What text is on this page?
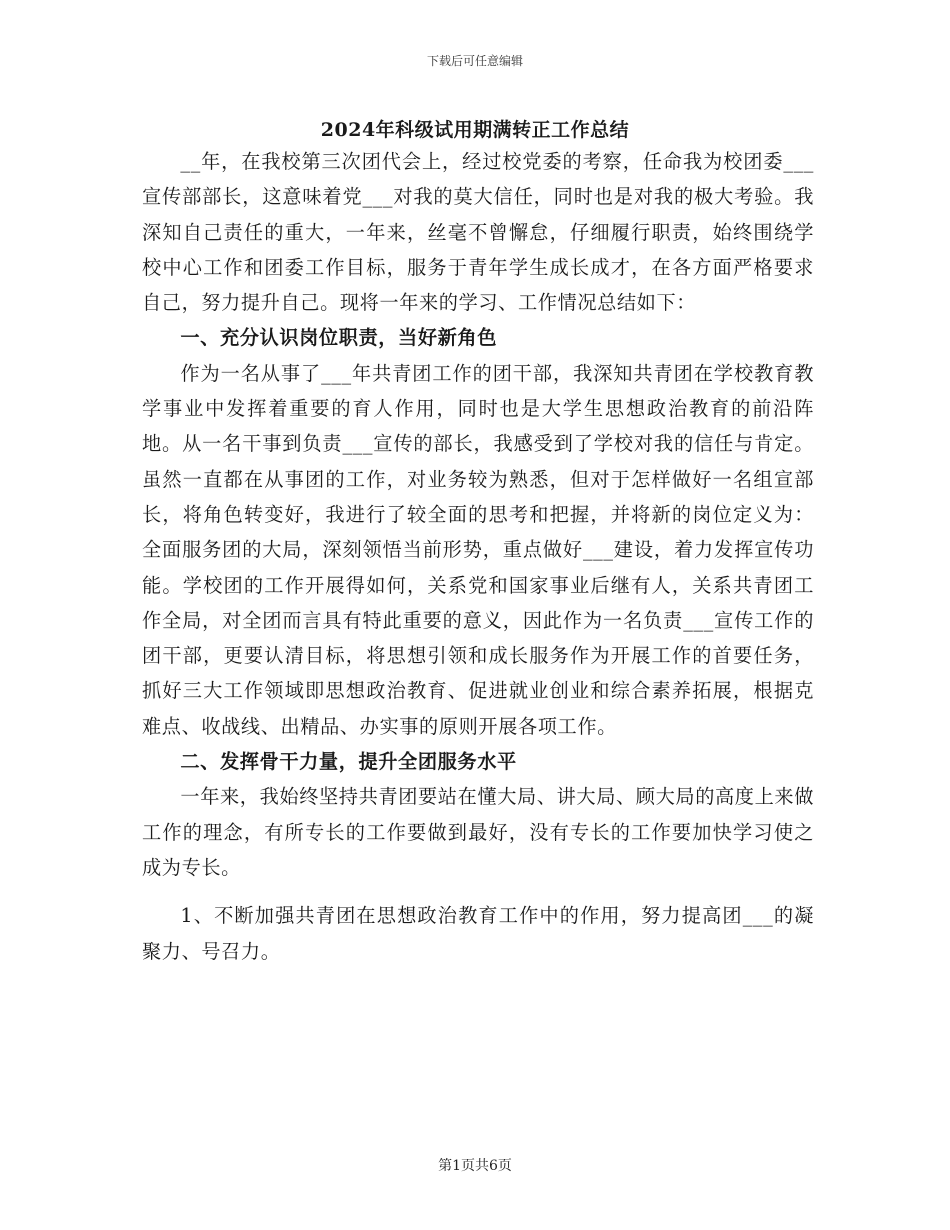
下载后可任意编辑
2024年科级试用期满转正工作总结

__年，在我校第三次团代会上，经过校党委的考察，任命我为校团委___宣传部部长，这意味着党___对我的莫大信任，同时也是对我的极大考验。我深知自己责任的重大，一年来，丝毫不曾懈怠，仔细履行职责，始终围绕学校中心工作和团委工作目标，服务于青年学生成长成才，在各方面严格要求自己，努力提升自己。现将一年来的学习、工作情况总结如下：

一、充分认识岗位职责，当好新角色

作为一名从事了___年共青团工作的团干部，我深知共青团在学校教育教学事业中发挥着重要的育人作用，同时也是大学生思想政治教育的前沿阵地。从一名干事到负责___宣传的部长，我感受到了学校对我的信任与肯定。虽然一直都在从事团的工作，对业务较为熟悉，但对于怎样做好一名组宣部长，将角色转变好，我进行了较全面的思考和把握，并将新的岗位定义为：全面服务团的大局，深刻领悟当前形势，重点做好___建设，着力发挥宣传功能。学校团的工作开展得如何，关系党和国家事业后继有人，关系共青团工作全局，对全团而言具有特此重要的意义，因此作为一名负责___宣传工作的团干部，更要认清目标，将思想引领和成长服务作为开展工作的首要任务，抓好三大工作领域即思想政治教育、促进就业创业和综合素养拓展，根据克难点、收战线、出精品、办实事的原则开展各项工作。

二、发挥骨干力量，提升全团服务水平

一年来，我始终坚持共青团要站在懂大局、讲大局、顾大局的高度上来做工作的理念，有所专长的工作要做到最好，没有专长的工作要加快学习使之成为专长。

1、不断加强共青团在思想政治教育工作中的作用，努力提高团___的凝聚力、号召力。

第1页共6页
